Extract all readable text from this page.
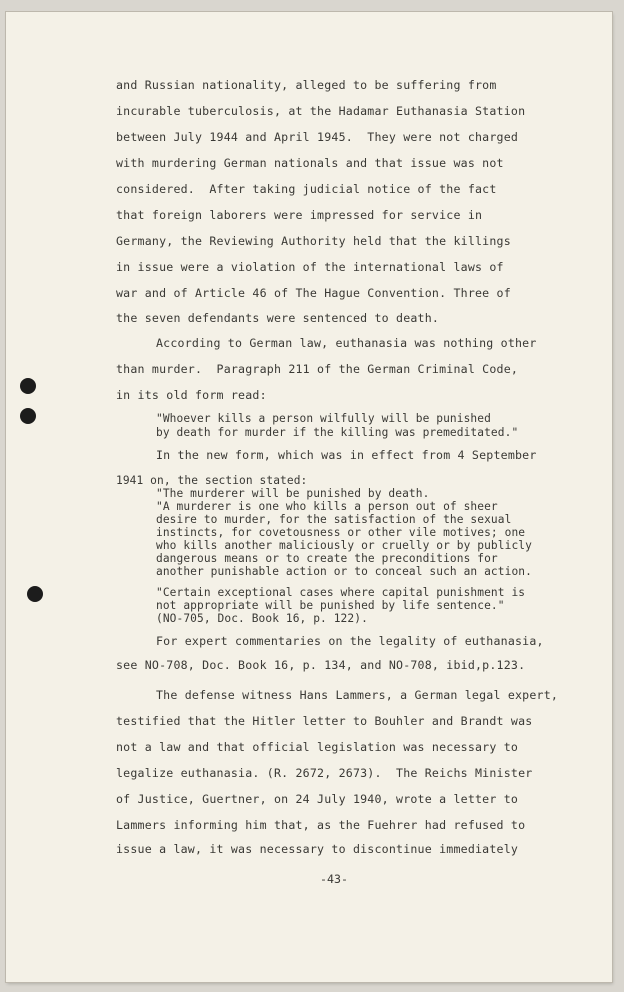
and Russian nationality, alleged to be suffering from
incurable tuberculosis, at the Hadamar Euthanasia Station
between July 1944 and April 1945.  They were not charged
with murdering German nationals and that issue was not
considered.  After taking judicial notice of the fact
that foreign laborers were impressed for service in
Germany, the Reviewing Authority held that the killings
in issue were a violation of the international laws of
war and of Article 46 of The Hague Convention. Three of
the seven defendants were sentenced to death.
According to German law, euthanasia was nothing other
than murder.  Paragraph 211 of the German Criminal Code,
in its old form read:
"Whoever kills a person wilfully will be punished
by death for murder if the killing was premeditated."
In the new form, which was in effect from 4 September
1941 on, the section stated:
"The murderer will be punished by death.
"A murderer is one who kills a person out of sheer
desire to murder, for the satisfaction of the sexual
instincts, for covetousness or other vile motives; one
who kills another maliciously or cruelly or by publicly
dangerous means or to create the preconditions for
another punishable action or to conceal such an action.
"Certain exceptional cases where capital punishment is
not appropriate will be punished by life sentence."
(NO-705, Doc. Book 16, p. 122).
For expert commentaries on the legality of euthanasia,
see NO-708, Doc. Book 16, p. 134, and NO-708, ibid,p.123.
The defense witness Hans Lammers, a German legal expert,
testified that the Hitler letter to Bouhler and Brandt was
not a law and that official legislation was necessary to
legalize euthanasia. (R. 2672, 2673).  The Reichs Minister
of Justice, Guertner, on 24 July 1940, wrote a letter to
Lammers informing him that, as the Fuehrer had refused to
issue a law, it was necessary to discontinue immediately
-43-
